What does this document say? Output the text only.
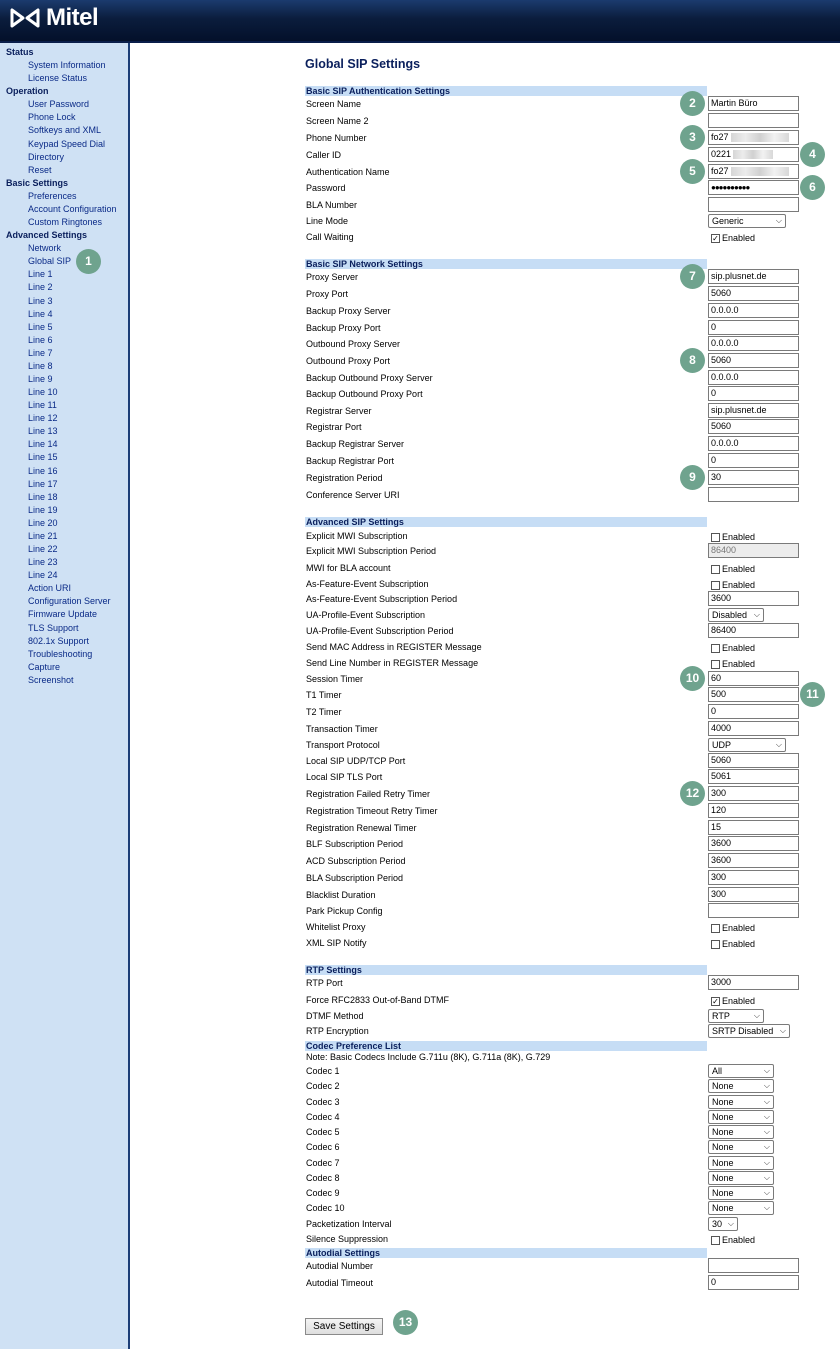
Mitel
Status
System Information
License Status
Operation
User Password
Phone Lock
Softkeys and XML
Keypad Speed Dial
Directory
Reset
Basic Settings
Preferences
Account Configuration
Custom Ringtones
Advanced Settings
Network
Global SIP	1
Line 1
Line 2
Line 3
Line 4
Line 5
Line 6
Line 7
Line 8
Line 9
Line 10
Line 11
Line 12
Line 13
Line 14
Line 15
Line 16
Line 17
Line 18
Line 19
Line 20
Line 21
Line 22
Line 23
Line 24
Action URI
Configuration Server
Firmware Update
TLS Support
802.1x Support
Troubleshooting
Capture
Screenshot
Global SIP Settings
Basic SIP Authentication Settings
Screen Name	Martin Büro
2
Screen Name 2
Phone Number	fo27
3
Caller ID	0221	4
Authentication Name	fo27
5
Password	●●●●●●●●●●	6
BLA Number
Line Mode	Generic	⌵
Call Waiting	✓ Enabled
Basic SIP Network Settings
Proxy Server	sip.plusnet.de
7
Proxy Port	5060
Backup Proxy Server	0.0.0.0
Backup Proxy Port	0
Outbound Proxy Server	0.0.0.0
Outbound Proxy Port	5060
8
Backup Outbound Proxy Server	0.0.0.0
Backup Outbound Proxy Port	0
Registrar Server	sip.plusnet.de
Registrar Port	5060
Backup Registrar Server	0.0.0.0
Backup Registrar Port	0
Registration Period	30
9
Conference Server URI
Advanced SIP Settings
Explicit MWI Subscription	Enabled
Explicit MWI Subscription Period	86400
MWI for BLA account	Enabled
As-Feature-Event Subscription	Enabled
As-Feature-Event Subscription Period	3600
UA-Profile-Event Subscription	Disabled ⌵
UA-Profile-Event Subscription Period	86400
Send MAC Address in REGISTER Message	Enabled
Send Line Number in REGISTER Message	Enabled
Session Timer	60
10
T1 Timer	500	11
T2 Timer	0
Transaction Timer	4000
Transport Protocol	UDP	⌵
Local SIP UDP/TCP Port	5060
Local SIP TLS Port	5061
Registration Failed Retry Timer	300
12
Registration Timeout Retry Timer	120
Registration Renewal Timer	15
BLF Subscription Period	3600
ACD Subscription Period	3600
BLA Subscription Period	300
Blacklist Duration	300
Park Pickup Config
Whitelist Proxy	Enabled
XML SIP Notify	Enabled
RTP Settings
RTP Port	3000
Force RFC2833 Out-of-Band DTMF	✓ Enabled
DTMF Method	RTP	⌵
RTP Encryption	SRTP Disabled ⌵
Codec Preference List
Note: Basic Codecs Include G.711u (8K), G.711a (8K), G.729
Codec 1	All	⌵
Codec 2	None	⌵
Codec 3	None	⌵
Codec 4	None	⌵
Codec 5	None	⌵
Codec 6	None	⌵
Codec 7	None	⌵
Codec 8	None	⌵
Codec 9	None	⌵
Codec 10	None	⌵
Packetization Interval	30 ⌵
Silence Suppression	Enabled
Autodial Settings
Autodial Number
Autodial Timeout	0
Save Settings	13
